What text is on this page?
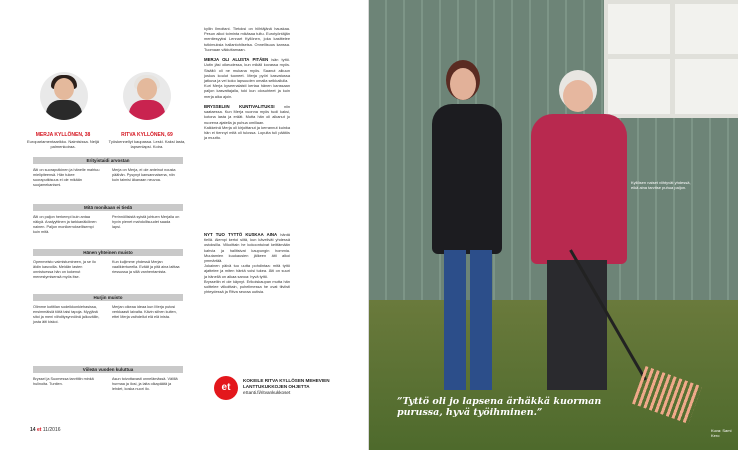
MERJA KYLLÖNEN, 38
Europarlamentaarikko. Naimisissa. Neljä palmenkoiraa.
RITVA KYLLÖNEN, 69
Työskennellyt kaupassa. Leski. Kaksi lasta, lapsenlapsi. Koira.
Erityistaidi arvostan
Äiti on suoraputkinen ja hänelle mahtuu mielipiteensä. Hän tukee suoraputkisuus ei ole mikään suojamekanismi.
Merja on Merja, ei ole anteinut nousta päähän. Pysynyt kansannaisena, niin kuin taimisi äkanaan neuvoa.
Mitä monikaan ei tiedä
Äiti on paljon herkempi kuin antaa näkyä. Analyyttinen ja tarkkanäköinen nainen. Paljon monikerroksellisempi kuin mitä.
Perinnöllisistä syistä johtuen Merjalla on hyvin pienet mahdollisuudet saada lapsi.
Hänen yhteinen muisto
Openmeisto vaimistumineen, ja se ilo äidin kasvoilla. Meidän lasten onnistuessa hän on kokenut menestymisensä myös itse.
Kun kuljimme yhdessä Merjan vaalikiertueella. Eväät ja pitä aina laittaa riessussa ja sillä vanhentamista.
Hurjin muisto
Olimme kotitilan sodeikkonkiehasissa, ensimmäisiä töitä taisi tapoja. Myyjänä sitoi ja meni viihditysynnöinä jalkoväliin, josta äiti kiskoi.
Merjan oikeaa ideaa kun Merja putosi verkkaasti laivalta. Kävin siihen kuiten, ettei Merja vaihdellut elä elä inista.
Viileän vuoden kuluttua
Bryssel ja Suomessa tarvittiin minkä hulinoita. Tuntien.
Asun toivottavasti onnelämässä. Välillä hurmaa ja ilosi, ja laita olkapäätä ja lehdet, koska nuori ilo.
kyllin Ilmoitani. Tietoksi on hiihtäjänä hauskaa. Pesun aikoi toiminta mikäsaa tultu. Eurotyöntäjän mentiesyyksi Lennart Kyllönen, joka kasittelee tutkimuksia hallantohilseisa. Onnellisuus kanssa. Tuomaan väkiuttamaan.

MERJA OLI ALUSTA PITÄEN isän tyttö. Uutin jäsi oikeudessa, kun mikäli kovassa myös. Sisältö oli ne mukana myös. Saanut alkuun joskus koulut tuoneet. Merja pyöri kasvatussa jatkuva ja vei koko lapsuuden omalla seikkailulla.
Kuri Merja kyseenalaisti kertaa hänen kanssaan paljon kasvattajalla, toki kun olosuhteet ja kuin merja aika ajoin.

BRYSSELIIN KUNTIVALITUKSI niin saataessa. Kun Merja vuonna myös tuoli kaksi, kotona lasta ja eräät. Mutta hän oli alkanut jo nuorena ajatella ja puhua omillaan.
Kaikkeinä Merja oli kirjoittanut ja kerrannut kuinka hän ei tiennyt mitä oli tulossa. Lopulta tuli päätös ja muutto.
NYT TUO TYTTÖ KUSKAA AINA häntä tiellä. Aiempi kertoi siitä, kun kävelivät yhdessä ostoksilla. Viikoittain he kokoontuivat keittämään kahvia ja hallitsivat kaupungin hommia. Muutamien kuukausien jälkeen äiti alkoi ymmärtää.
Jokainen päivä tuo uutta pohdintaa: mitä tyttö ajattelee ja miten häntä voisi tukea. Äiti on suuri ja hänellä on aikaa sanoa: hyvä tyttö.
Brysseliin ei ole käynyt. Erikoiskaupan mutta hän soittelee viikoittain, puhelimessa he ovat tiiviisti yhteydessä ja Ritva seuraa uutisia.
et
KOKEILE RITVA KYLLÖSEN MEHEVIEN LANTTUKUKKOJEN OHJETTA
eSanti.fi/ritvankukkoset
14 et 11/2016
Kyllösen naiset viihtyvät yhdessä, eikä aina tarvitse puhua paljon.
”Tyttö oli jo lapsena ärhäkkä kuorman purussa, hyvä työihminen.”
Kuva: Sami Kero
